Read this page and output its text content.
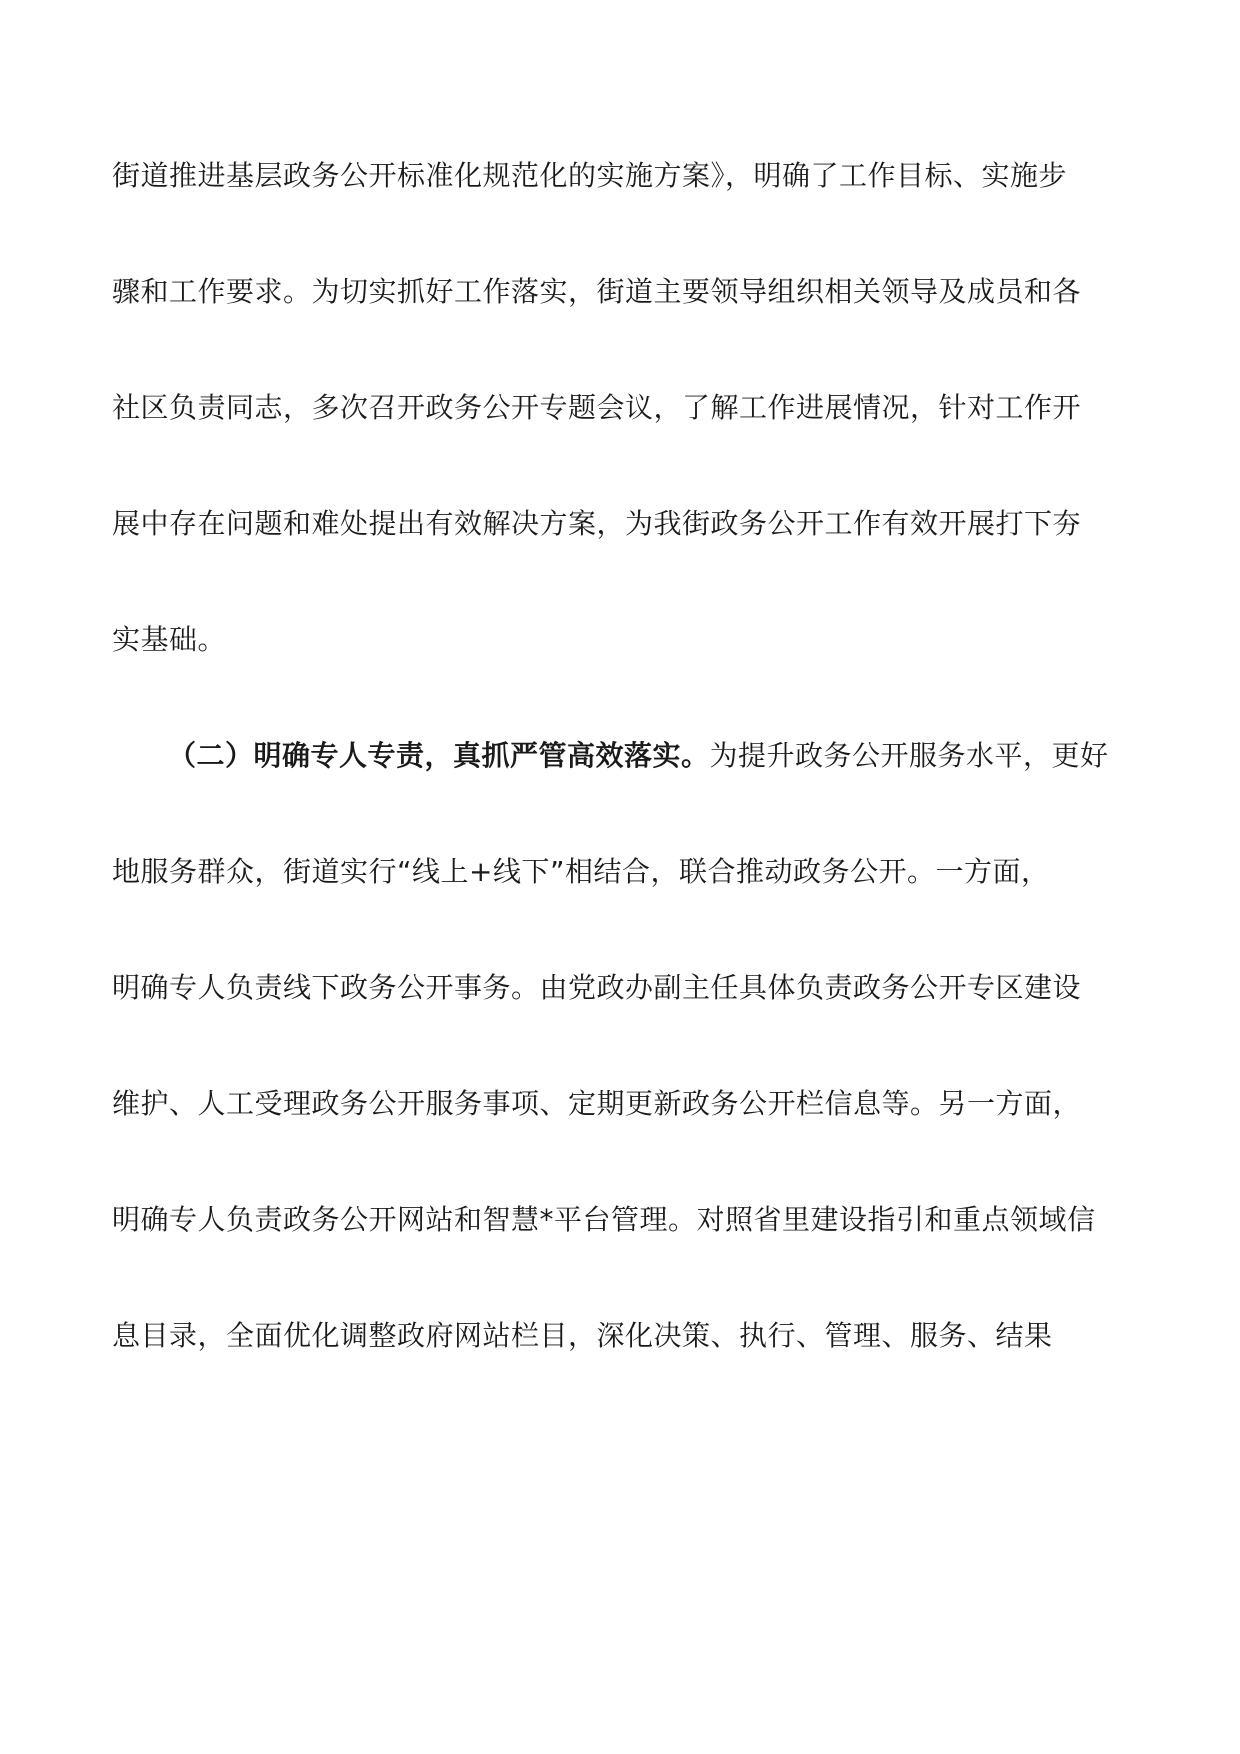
街道推进基层政务公开标准化规范化的实施方案》，明确了工作目标、实施步
骤和工作要求。为切实抓好工作落实，街道主要领导组织相关领导及成员和各
社区负责同志，多次召开政务公开专题会议，了解工作进展情况，针对工作开
展中存在问题和难处提出有效解决方案，为我街政务公开工作有效开展打下夯
实基础。
（二）明确专人专责，真抓严管高效落实。为提升政务公开服务水平，更好
地服务群众，街道实行“线上+线下”相结合，联合推动政务公开。一方面，
明确专人负责线下政务公开事务。由党政办副主任具体负责政务公开专区建设
维护、人工受理政务公开服务事项、定期更新政务公开栏信息等。另一方面，
明确专人负责政务公开网站和智慧*平台管理。对照省里建设指引和重点领域信
息目录，全面优化调整政府网站栏目，深化决策、执行、管理、服务、结果
